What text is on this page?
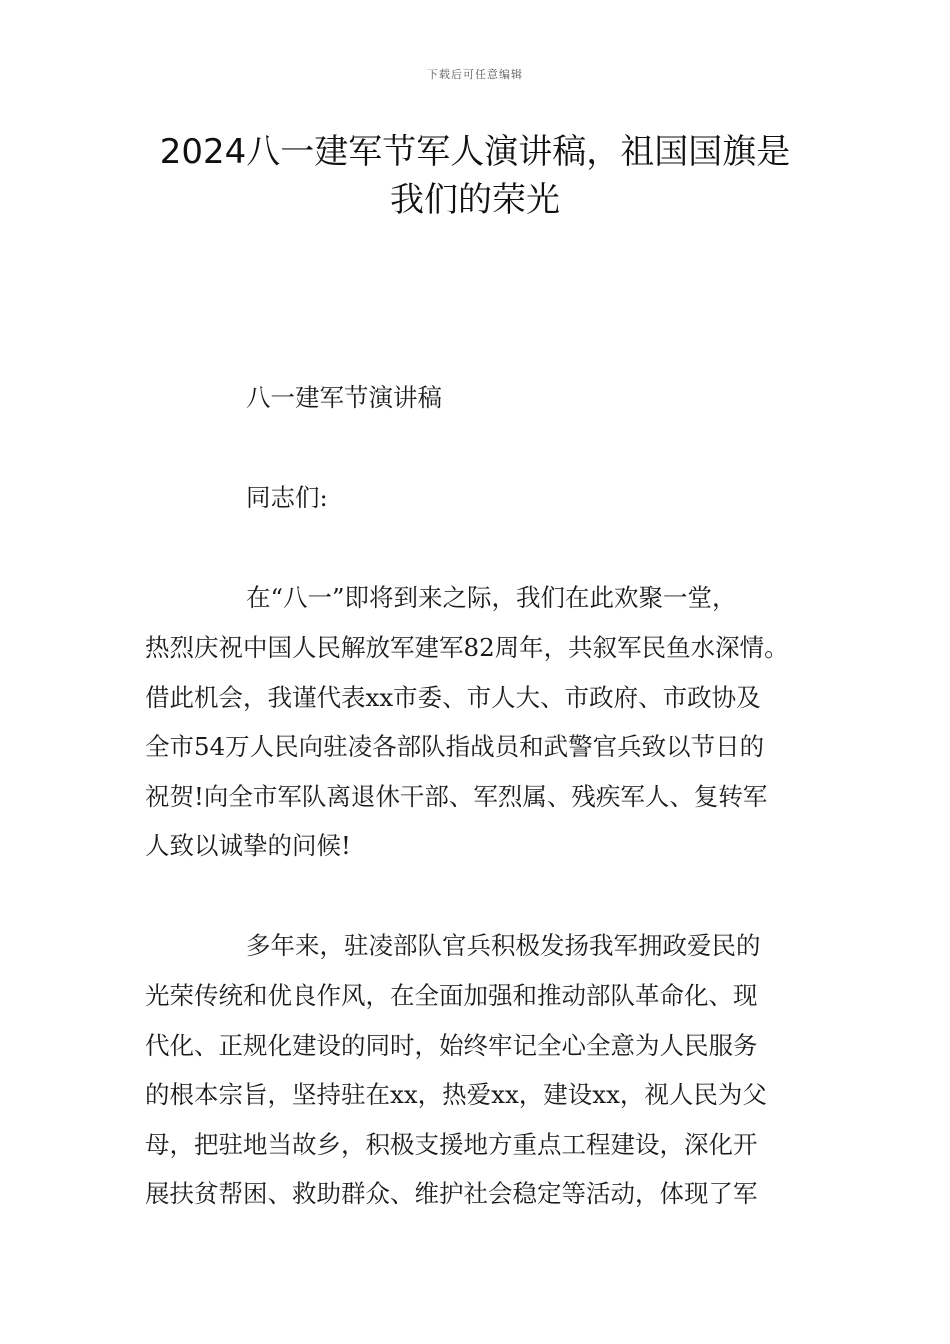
下载后可任意编辑
2024八一建军节军人演讲稿，祖国国旗是
我们的荣光
八一建军节演讲稿
同志们:
在“八一”即将到来之际，我们在此欢聚一堂，
热烈庆祝中国人民解放军建军82周年，共叙军民鱼水深情。
借此机会，我谨代表xx市委、市人大、市政府、市政协及
全市54万人民向驻凌各部队指战员和武警官兵致以节日的
祝贺!向全市军队离退休干部、军烈属、残疾军人、复转军
人致以诚挚的问候!
多年来，驻凌部队官兵积极发扬我军拥政爱民的
光荣传统和优良作风，在全面加强和推动部队革命化、现
代化、正规化建设的同时，始终牢记全心全意为人民服务
的根本宗旨，坚持驻在xx，热爱xx，建设xx，视人民为父
母，把驻地当故乡，积极支援地方重点工程建设，深化开
展扶贫帮困、救助群众、维护社会稳定等活动，体现了军
